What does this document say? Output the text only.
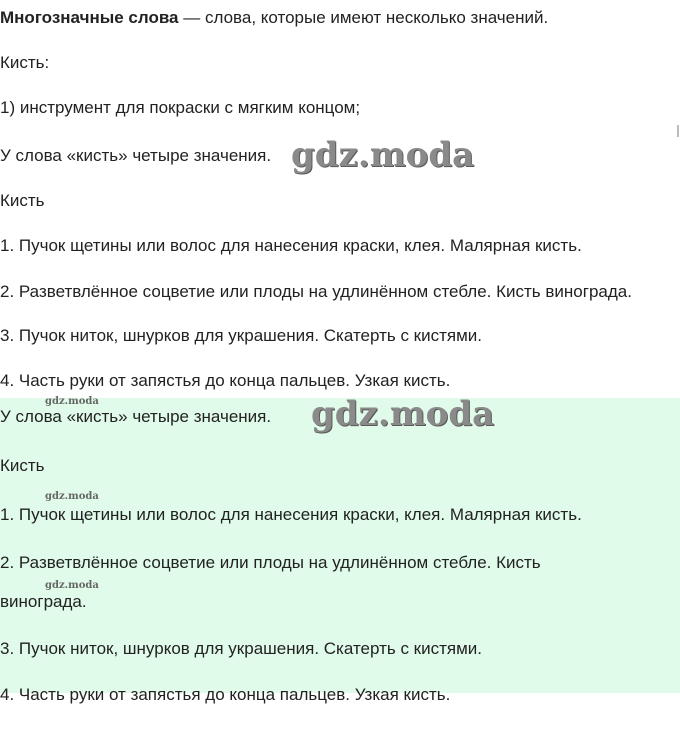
Многозначные слова — слова, которые имеют несколько значений.
Кисть:
1) инструмент для покраски с мягким концом;
У слова «кисть» четыре значения. gdz.moda
Кисть
1. Пучок щетины или волос для нанесения краски, клея. Малярная кисть.
2. Разветвлённое соцветие или плоды на удлинённом стебле. Кисть винограда.
3. Пучок ниток, шнурков для украшения. Скатерть с кистями.
4. Часть руки от запястья до конца пальцев. Узкая кисть.
gdz.moda
У слова «кисть» четыре значения. gdz.moda
Кисть
gdz.moda
1. Пучок щетины или волос для нанесения краски, клея. Малярная кисть.
2. Разветвлённое соцветие или плоды на удлинённом стебле. Кисть
gdz.moda
винограда.
3. Пучок ниток, шнурков для украшения. Скатерть с кистями.
4. Часть руки от запястья до конца пальцев. Узкая кисть.
